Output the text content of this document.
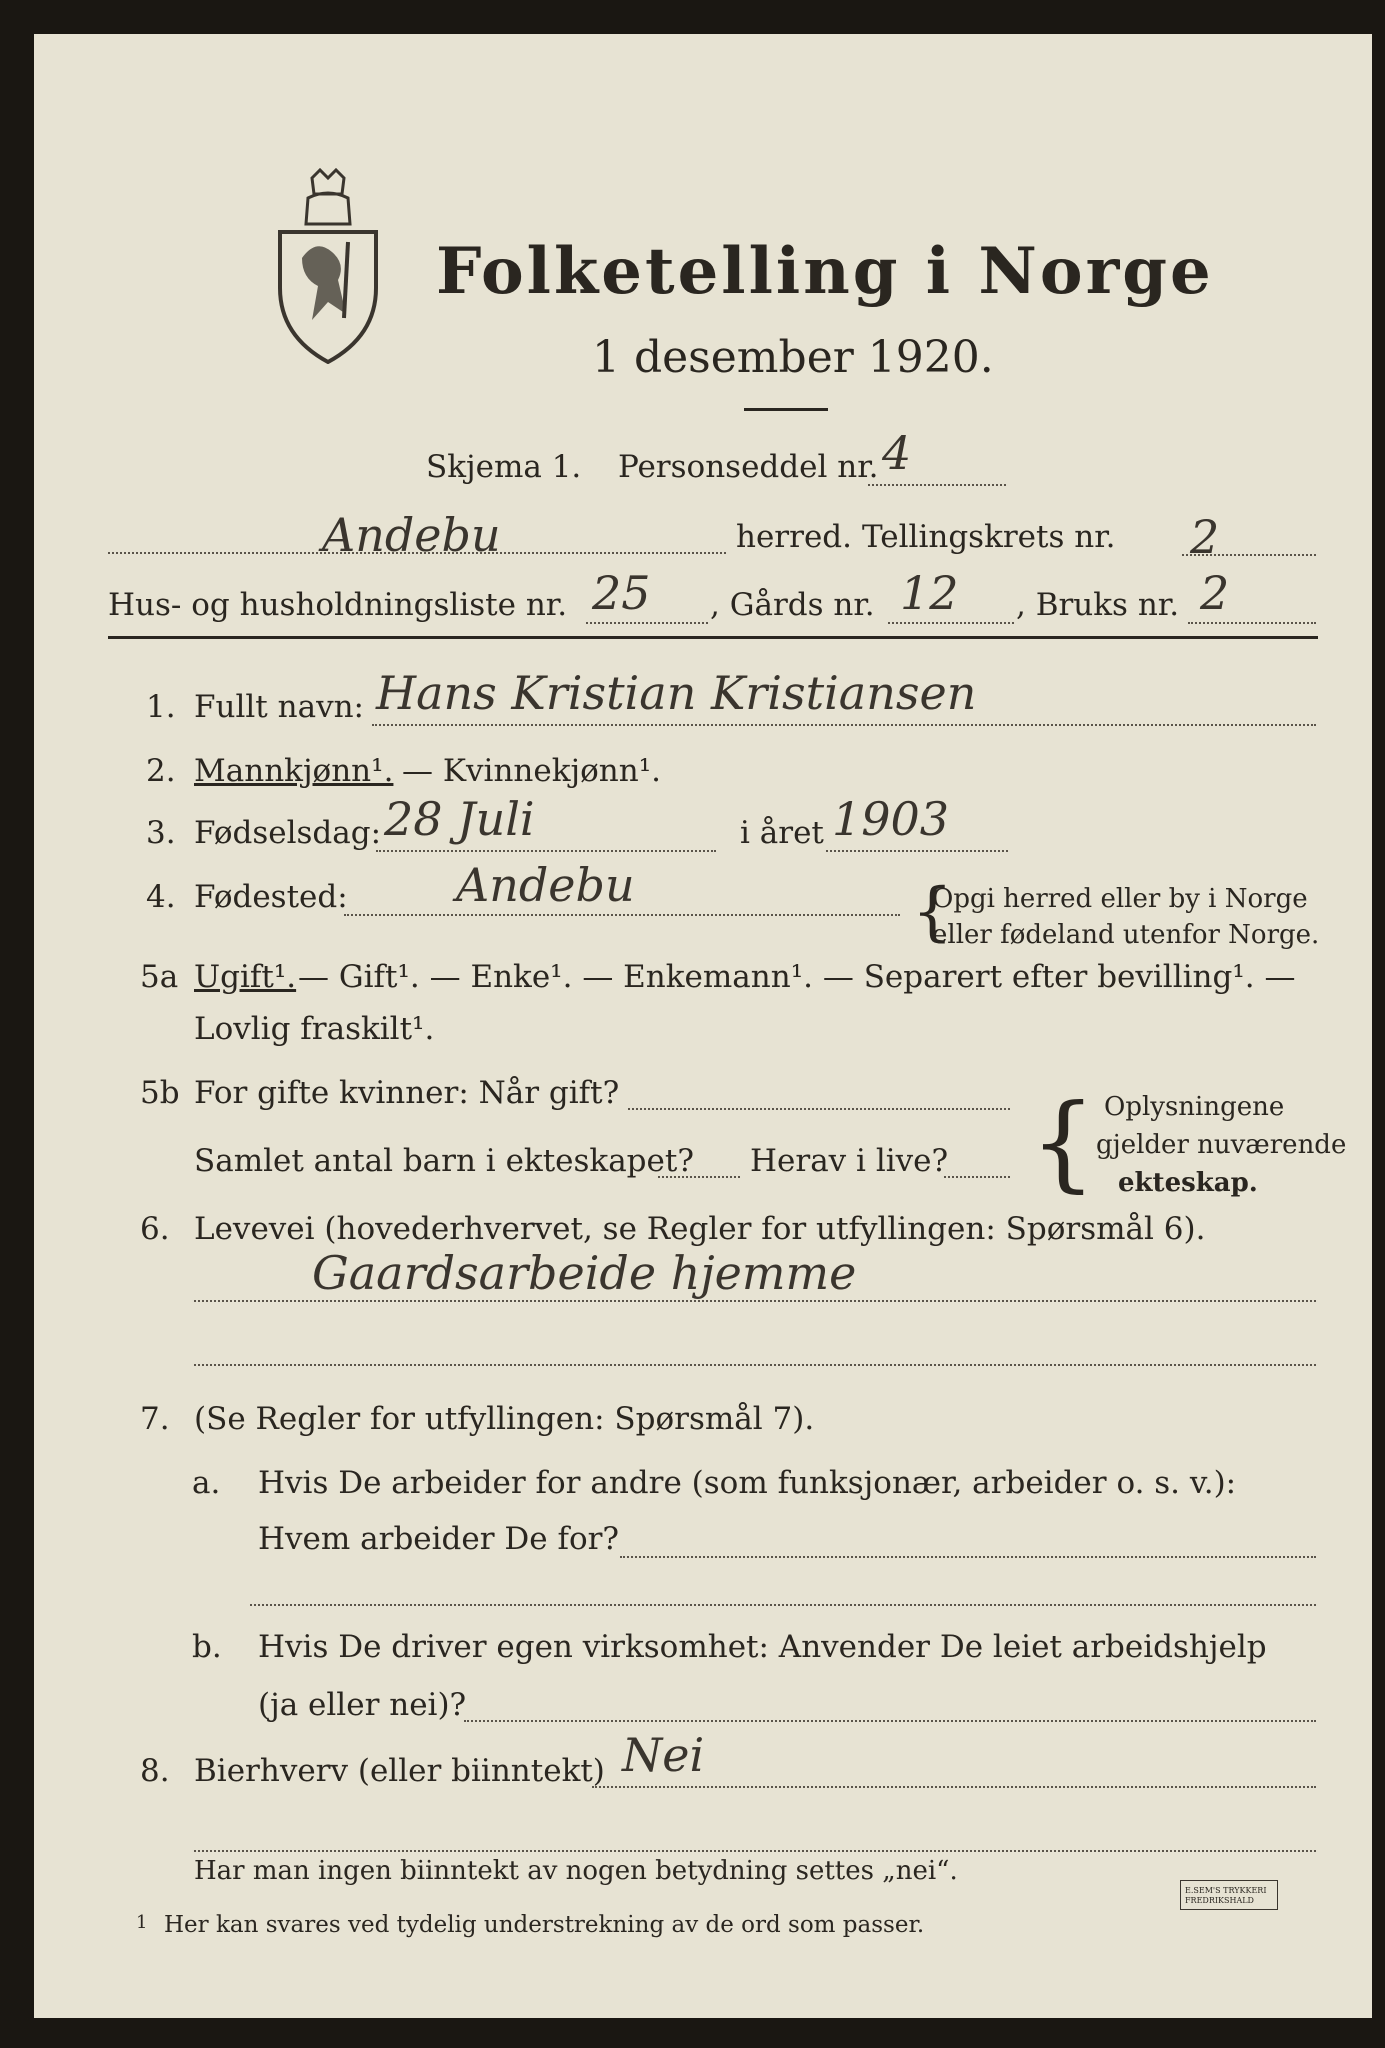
Folketelling i Norge
1 desember 1920.
Skjema 1. Personseddel nr. 4
Andebu	herred. Tellingskrets nr. 2
Hus- og husholdningsliste nr. 25 , Gårds nr. 12 , Bruks nr. 2
1. Fullt navn: Hans Kristian Kristiansen
2. Mannkjønn¹. — Kvinnekjønn¹.
3. Fødselsdag: 28 Juli	i året 1903
4. Fødested: Andebu	{
Opgi herred eller by i Norge
eller fødeland utenfor Norge.
5a Ugift¹. — Gift¹. — Enke¹. — Enkemann¹. — Separert efter bevilling¹. —
Lovlig fraskilt¹.
5b For gifte kvinner: Når gift?
Samlet antal barn i ekteskapet? Herav i live? { Oplysningene
gjelder nuværende
ekteskap.
6. Levevei (hovederhvervet, se Regler for utfyllingen: Spørsmål 6).
Gaardsarbeide hjemme
7. (Se Regler for utfyllingen: Spørsmål 7).
a. Hvis De arbeider for andre (som funksjonær, arbeider o. s. v.):
Hvem arbeider De for?
b. Hvis De driver egen virksomhet: Anvender De leiet arbeidshjelp
(ja eller nei)?
8. Bierhverv (eller biinntekt) Nei
Har man ingen biinntekt av nogen betydning settes „nei“.
1 Her kan svares ved tydelig understrekning av de ord som passer.
E.SEM'S TRYKKERI
FREDRIKSHALD
